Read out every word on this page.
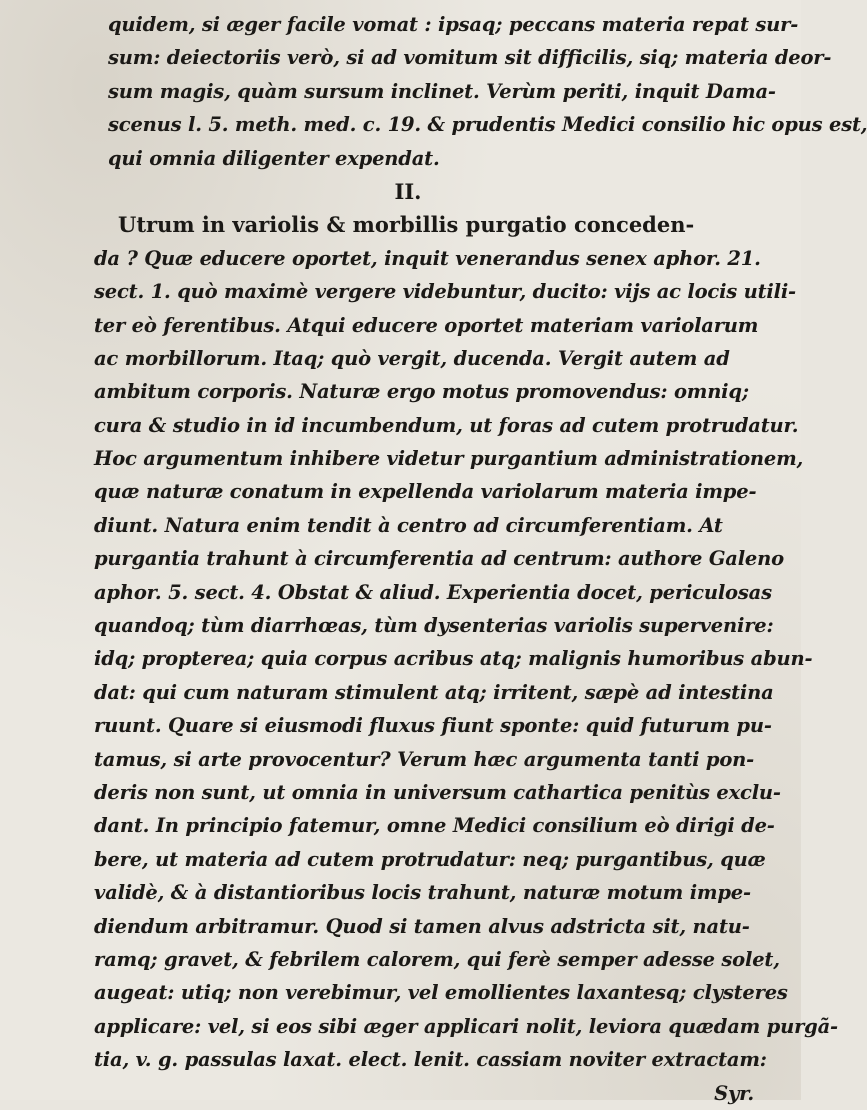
quidem, si æger facile vomat : ipsaq; peccans materia repat sur-
sum: deiectoriis verò, si ad vomitum sit difficilis, siq; materia deor-
sum magis, quàm sursum inclinet. Verùm periti, inquit Dama-
scenus l. 5. meth. med. c. 19. & prudentis Medici consilio hic opus est,
qui omnia diligenter expendat.
II.
Utrum in variolis & morbillis purgatio conceden-
da ? Quæ educere oportet, inquit venerandus senex aphor. 21.
sect. 1. quò maximè vergere videbuntur, ducito: vijs ac locis utili-
ter eò ferentibus. Atqui educere oportet materiam variolarum
ac morbillorum. Itaq; quò vergit, ducenda. Vergit autem ad
ambitum corporis. Naturæ ergo motus promovendus: omniq;
cura & studio in id incumbendum, ut foras ad cutem protrudatur.
Hoc argumentum inhibere videtur purgantium administrationem,
quæ naturæ conatum in expellenda variolarum materia impe-
diunt. Natura enim tendit à centro ad circumferentiam. At
purgantia trahunt à circumferentia ad centrum: authore Galeno
aphor. 5. sect. 4. Obstat & aliud. Experientia docet, periculosas
quandoq; tùm diarrhœas, tùm dysenterias variolis supervenire:
idq; propterea; quia corpus acribus atq; malignis humoribus abun-
dat: qui cum naturam stimulent atq; irritent, sæpè ad intestina
ruunt. Quare si eiusmodi fluxus fiunt sponte: quid futurum pu-
tamus, si arte provocentur? Verum hæc argumenta tanti pon-
deris non sunt, ut omnia in universum cathartica penitùs exclu-
dant. In principio fatemur, omne Medici consilium eò dirigi de-
bere, ut materia ad cutem protrudatur: neq; purgantibus, quæ
validè, & à distantioribus locis trahunt, naturæ motum impe-
diendum arbitramur. Quod si tamen alvus adstricta sit, natu-
ramq; gravet, & febrilem calorem, qui ferè semper adesse solet,
augeat: utiq; non verebimur, vel emollientes laxantesq; clysteres
applicare: vel, si eos sibi æger applicari nolit, leviora quædam purgã-
tia, v. g. passulas laxat. elect. lenit. cassiam noviter extractam:
Syr.
